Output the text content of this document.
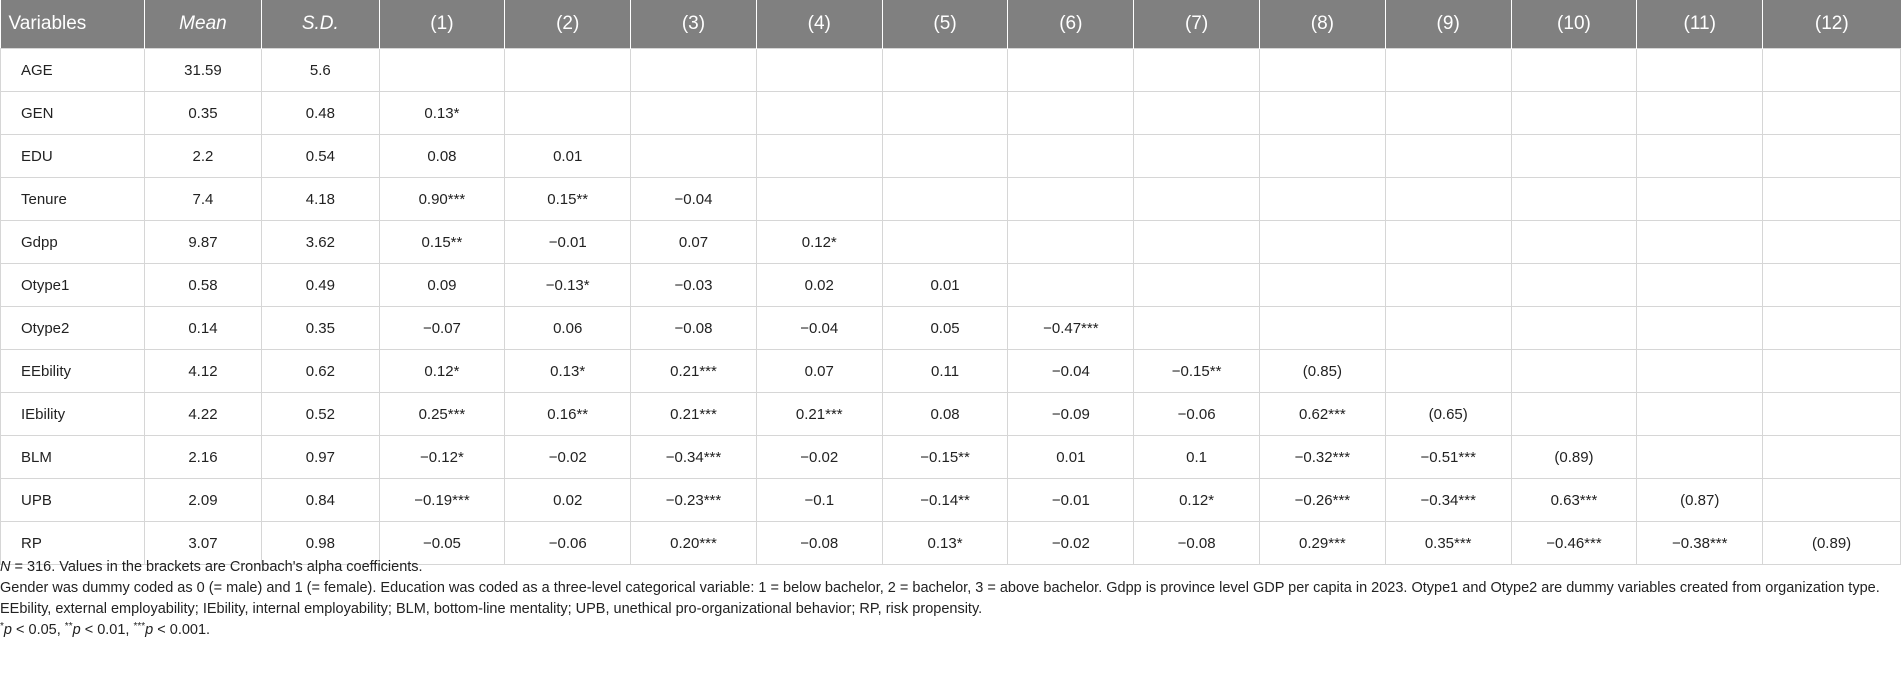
Variables	Mean	S.D.	(1)	(2)	(3)	(4)	(5)	(6)	(7)	(8)	(9)	(10)	(11)	(12)
AGE	31.59	5.6												
GEN	0.35	0.48	0.13*											
EDU	2.2	0.54	0.08	0.01										
Tenure	7.4	4.18	0.90***	0.15**	−0.04									
Gdpp	9.87	3.62	0.15**	−0.01	0.07	0.12*								
Otype1	0.58	0.49	0.09	−0.13*	−0.03	0.02	0.01							
Otype2	0.14	0.35	−0.07	0.06	−0.08	−0.04	0.05	−0.47***						
EEbility	4.12	0.62	0.12*	0.13*	0.21***	0.07	0.11	−0.04	−0.15**	(0.85)				
IEbility	4.22	0.52	0.25***	0.16**	0.21***	0.21***	0.08	−0.09	−0.06	0.62***	(0.65)			
BLM	2.16	0.97	−0.12*	−0.02	−0.34***	−0.02	−0.15**	0.01	0.1	−0.32***	−0.51***	(0.89)		
UPB	2.09	0.84	−0.19***	0.02	−0.23***	−0.1	−0.14**	−0.01	0.12*	−0.26***	−0.34***	0.63***	(0.87)	
RP	3.07	0.98	−0.05	−0.06	0.20***	−0.08	0.13*	−0.02	−0.08	0.29***	0.35***	−0.46***	−0.38***	(0.89)

N = 316. Values in the brackets are Cronbach's alpha coefficients.

Gender was dummy coded as 0 (= male) and 1 (= female). Education was coded as a three-level categorical variable: 1 = below bachelor, 2 = bachelor, 3 = above bachelor. Gdpp is province level GDP per capita in 2023. Otype1 and Otype2 are dummy variables created from organization type. EEbility, external employability; IEbility, internal employability; BLM, bottom-line mentality; UPB, unethical pro-organizational behavior; RP, risk propensity.

*p < 0.05, **p < 0.01, ***p < 0.001.
